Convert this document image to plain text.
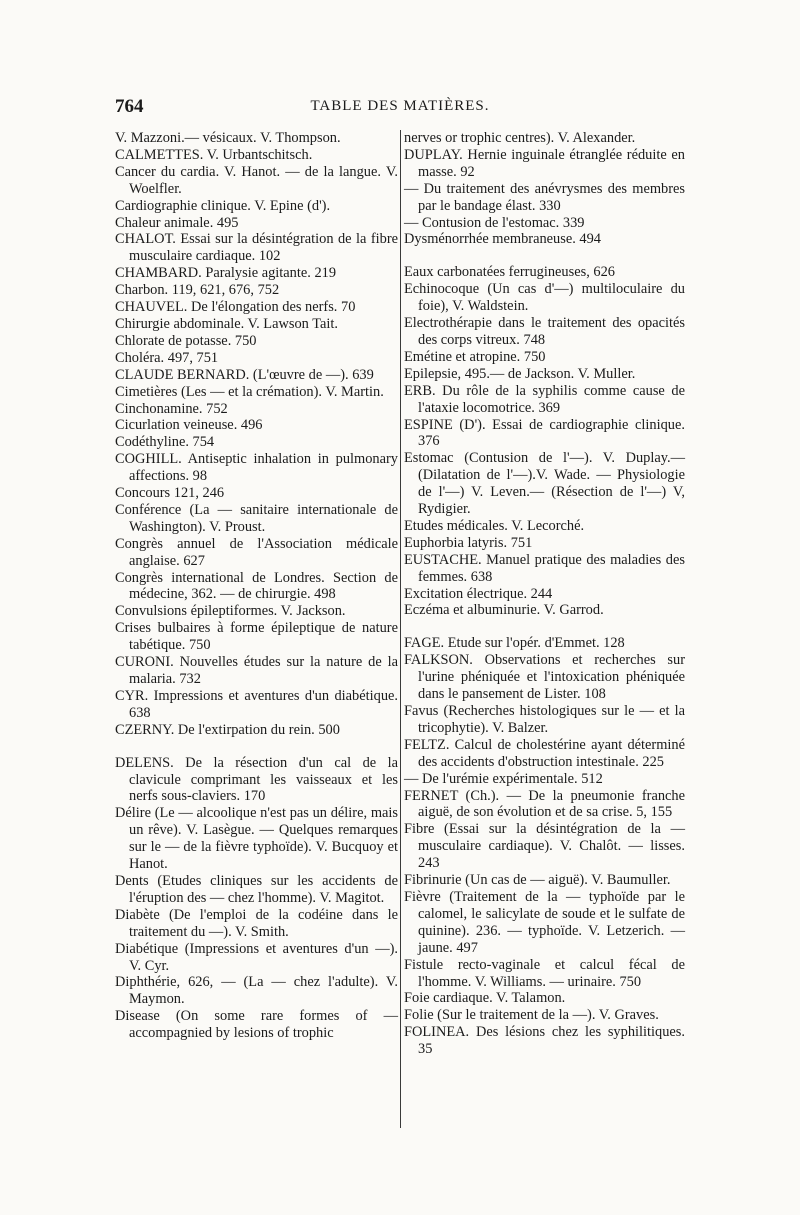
764	TABLE DES MATIÈRES.

V. Mazzoni.— vésicaux. V. Thompson.

CALMETTES. V. Urbantschitsch.

Cancer du cardia. V. Hanot. — de la langue. V. Woelfler.

Cardiographie clinique. V. Epine (d').

Chaleur animale. 495

CHALOT. Essai sur la désintégration de la fibre musculaire cardiaque. 102

CHAMBARD. Paralysie agitante. 219

Charbon. 119, 621, 676, 752

CHAUVEL. De l'élongation des nerfs. 70

Chirurgie abdominale. V. Lawson Tait.

Chlorate de potasse. 750

Choléra. 497, 751

CLAUDE BERNARD. (L'œuvre de —). 639

Cimetières (Les — et la crémation). V. Martin.

Cinchonamine. 752

Cicurlation veineuse. 496

Codéthyline. 754

COGHILL. Antiseptic inhalation in pulmonary affections. 98

Concours 121, 246

Conférence (La — sanitaire internationale de Washington). V. Proust.

Congrès annuel de l'Association médicale anglaise. 627

Congrès international de Londres. Section de médecine, 362. — de chirurgie. 498

Convulsions épileptiformes. V. Jackson.

Crises bulbaires à forme épileptique de nature tabétique. 750

CURONI. Nouvelles études sur la nature de la malaria. 732

CYR. Impressions et aventures d'un diabétique. 638

CZERNY. De l'extirpation du rein. 500

DELENS. De la résection d'un cal de la clavicule comprimant les vaisseaux et les nerfs sous-claviers. 170

Délire (Le — alcoolique n'est pas un délire, mais un rêve). V. Lasègue. — Quelques remarques sur le — de la fièvre typhoïde). V. Bucquoy et Hanot.

Dents (Etudes cliniques sur les accidents de l'éruption des — chez l'homme). V. Magitot.

Diabète (De l'emploi de la codéine dans le traitement du —). V. Smith.

Diabétique (Impressions et aventures d'un —). V. Cyr.

Diphthérie, 626, — (La — chez l'adulte). V. Maymon.

Disease (On some rare formes of — accompagnied by lesions of trophic

nerves or trophic centres). V. Alexander.

DUPLAY. Hernie inguinale étranglée réduite en masse. 92

— Du traitement des anévrysmes des membres par le bandage élast. 330

— Contusion de l'estomac. 339

Dysménorrhée membraneuse. 494

Eaux carbonatées ferrugineuses, 626

Echinocoque (Un cas d'—) multiloculaire du foie), V. Waldstein.

Electrothérapie dans le traitement des opacités des corps vitreux. 748

Emétine et atropine. 750

Epilepsie, 495.— de Jackson. V. Muller.

ERB. Du rôle de la syphilis comme cause de l'ataxie locomotrice. 369

ESPINE (D'). Essai de cardiographie clinique. 376

Estomac (Contusion de l'—). V. Duplay.—(Dilatation de l'—).V. Wade. — Physiologie de l'—) V. Leven.— (Résection de l'—) V, Rydigier.

Etudes médicales. V. Lecorché.

Euphorbia latyris. 751

EUSTACHE. Manuel pratique des maladies des femmes. 638

Excitation électrique. 244

Eczéma et albuminurie. V. Garrod.

FAGE. Etude sur l'opér. d'Emmet. 128

FALKSON. Observations et recherches sur l'urine phéniquée et l'intoxication phéniquée dans le pansement de Lister. 108

Favus (Recherches histologiques sur le — et la tricophytie). V. Balzer.

FELTZ. Calcul de cholestérine ayant déterminé des accidents d'obstruction intestinale. 225

— De l'urémie expérimentale. 512

FERNET (Ch.). — De la pneumonie franche aiguë, de son évolution et de sa crise. 5, 155

Fibre (Essai sur la désintégration de la — musculaire cardiaque). V. Chalôt. — lisses. 243

Fibrinurie (Un cas de — aiguë). V. Baumuller.

Fièvre (Traitement de la — typhoïde par le calomel, le salicylate de soude et le sulfate de quinine). 236. — typhoïde. V. Letzerich. — jaune. 497

Fistule recto-vaginale et calcul fécal de l'homme. V. Williams. — urinaire. 750

Foie cardiaque. V. Talamon.

Folie (Sur le traitement de la —). V. Graves.

FOLINEA. Des lésions chez les syphilitiques. 35
